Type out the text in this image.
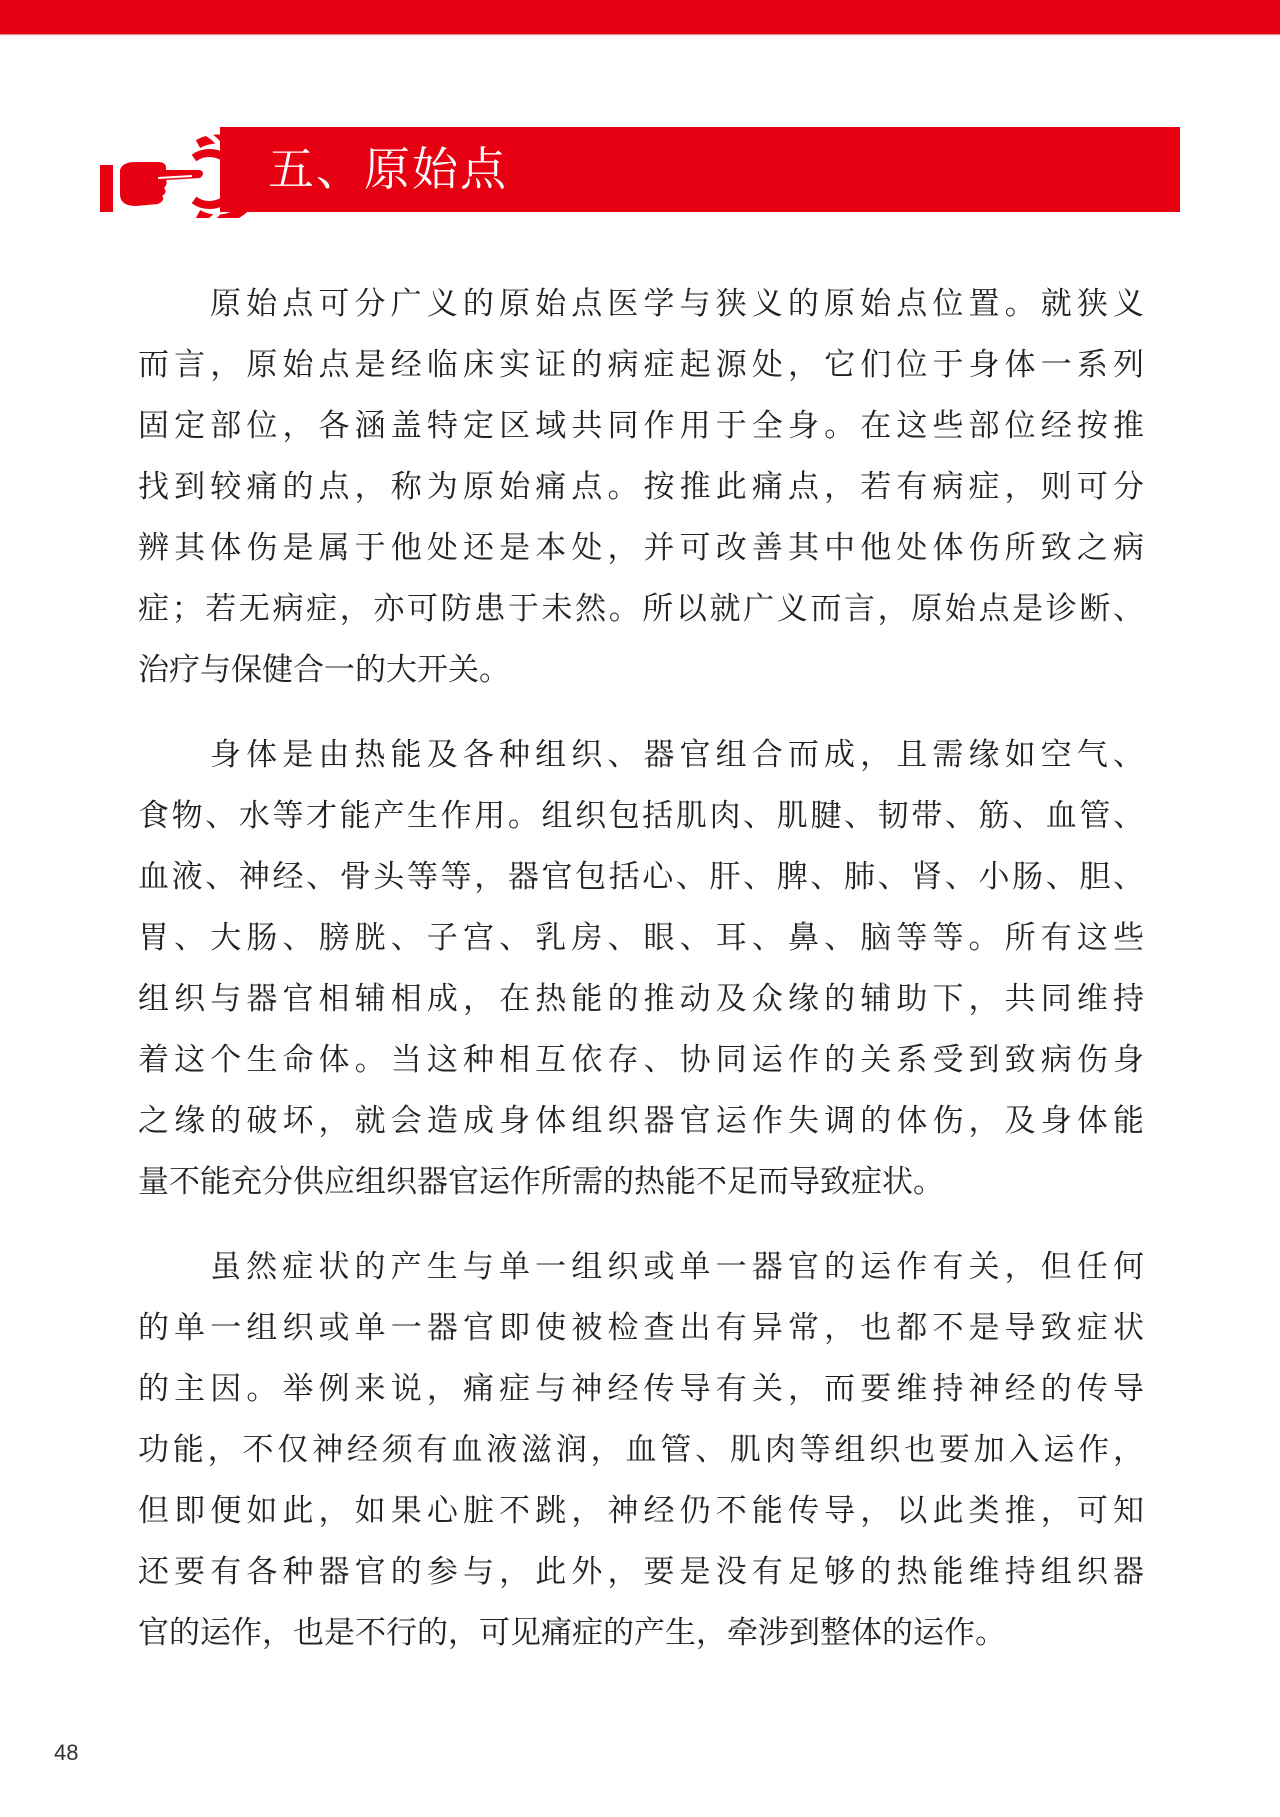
五、原始点
原始点可分广义的原始点医学与狭义的原始点位置。就狭义
而言，原始点是经临床实证的病症起源处，它们位于身体一系列
固定部位，各涵盖特定区域共同作用于全身。在这些部位经按推
找到较痛的点，称为原始痛点。按推此痛点，若有病症，则可分
辨其体伤是属于他处还是本处，并可改善其中他处体伤所致之病
症；若无病症，亦可防患于未然。所以就广义而言，原始点是诊断、
治疗与保健合一的大开关。
身体是由热能及各种组织、器官组合而成，且需缘如空气、
食物、水等才能产生作用。组织包括肌肉、肌腱、韧带、筋、血管、
血液、神经、骨头等等，器官包括心、肝、脾、肺、肾、小肠、胆、
胃、大肠、膀胱、子宫、乳房、眼、耳、鼻、脑等等。所有这些
组织与器官相辅相成，在热能的推动及众缘的辅助下，共同维持
着这个生命体。当这种相互依存、协同运作的关系受到致病伤身
之缘的破坏，就会造成身体组织器官运作失调的体伤，及身体能
量不能充分供应组织器官运作所需的热能不足而导致症状。
虽然症状的产生与单一组织或单一器官的运作有关，但任何
的单一组织或单一器官即使被检查出有异常，也都不是导致症状
的主因。举例来说，痛症与神经传导有关，而要维持神经的传导
功能，不仅神经须有血液滋润，血管、肌肉等组织也要加入运作，
但即便如此，如果心脏不跳，神经仍不能传导，以此类推，可知
还要有各种器官的参与，此外，要是没有足够的热能维持组织器
官的运作，也是不行的，可见痛症的产生，牵涉到整体的运作。
48
